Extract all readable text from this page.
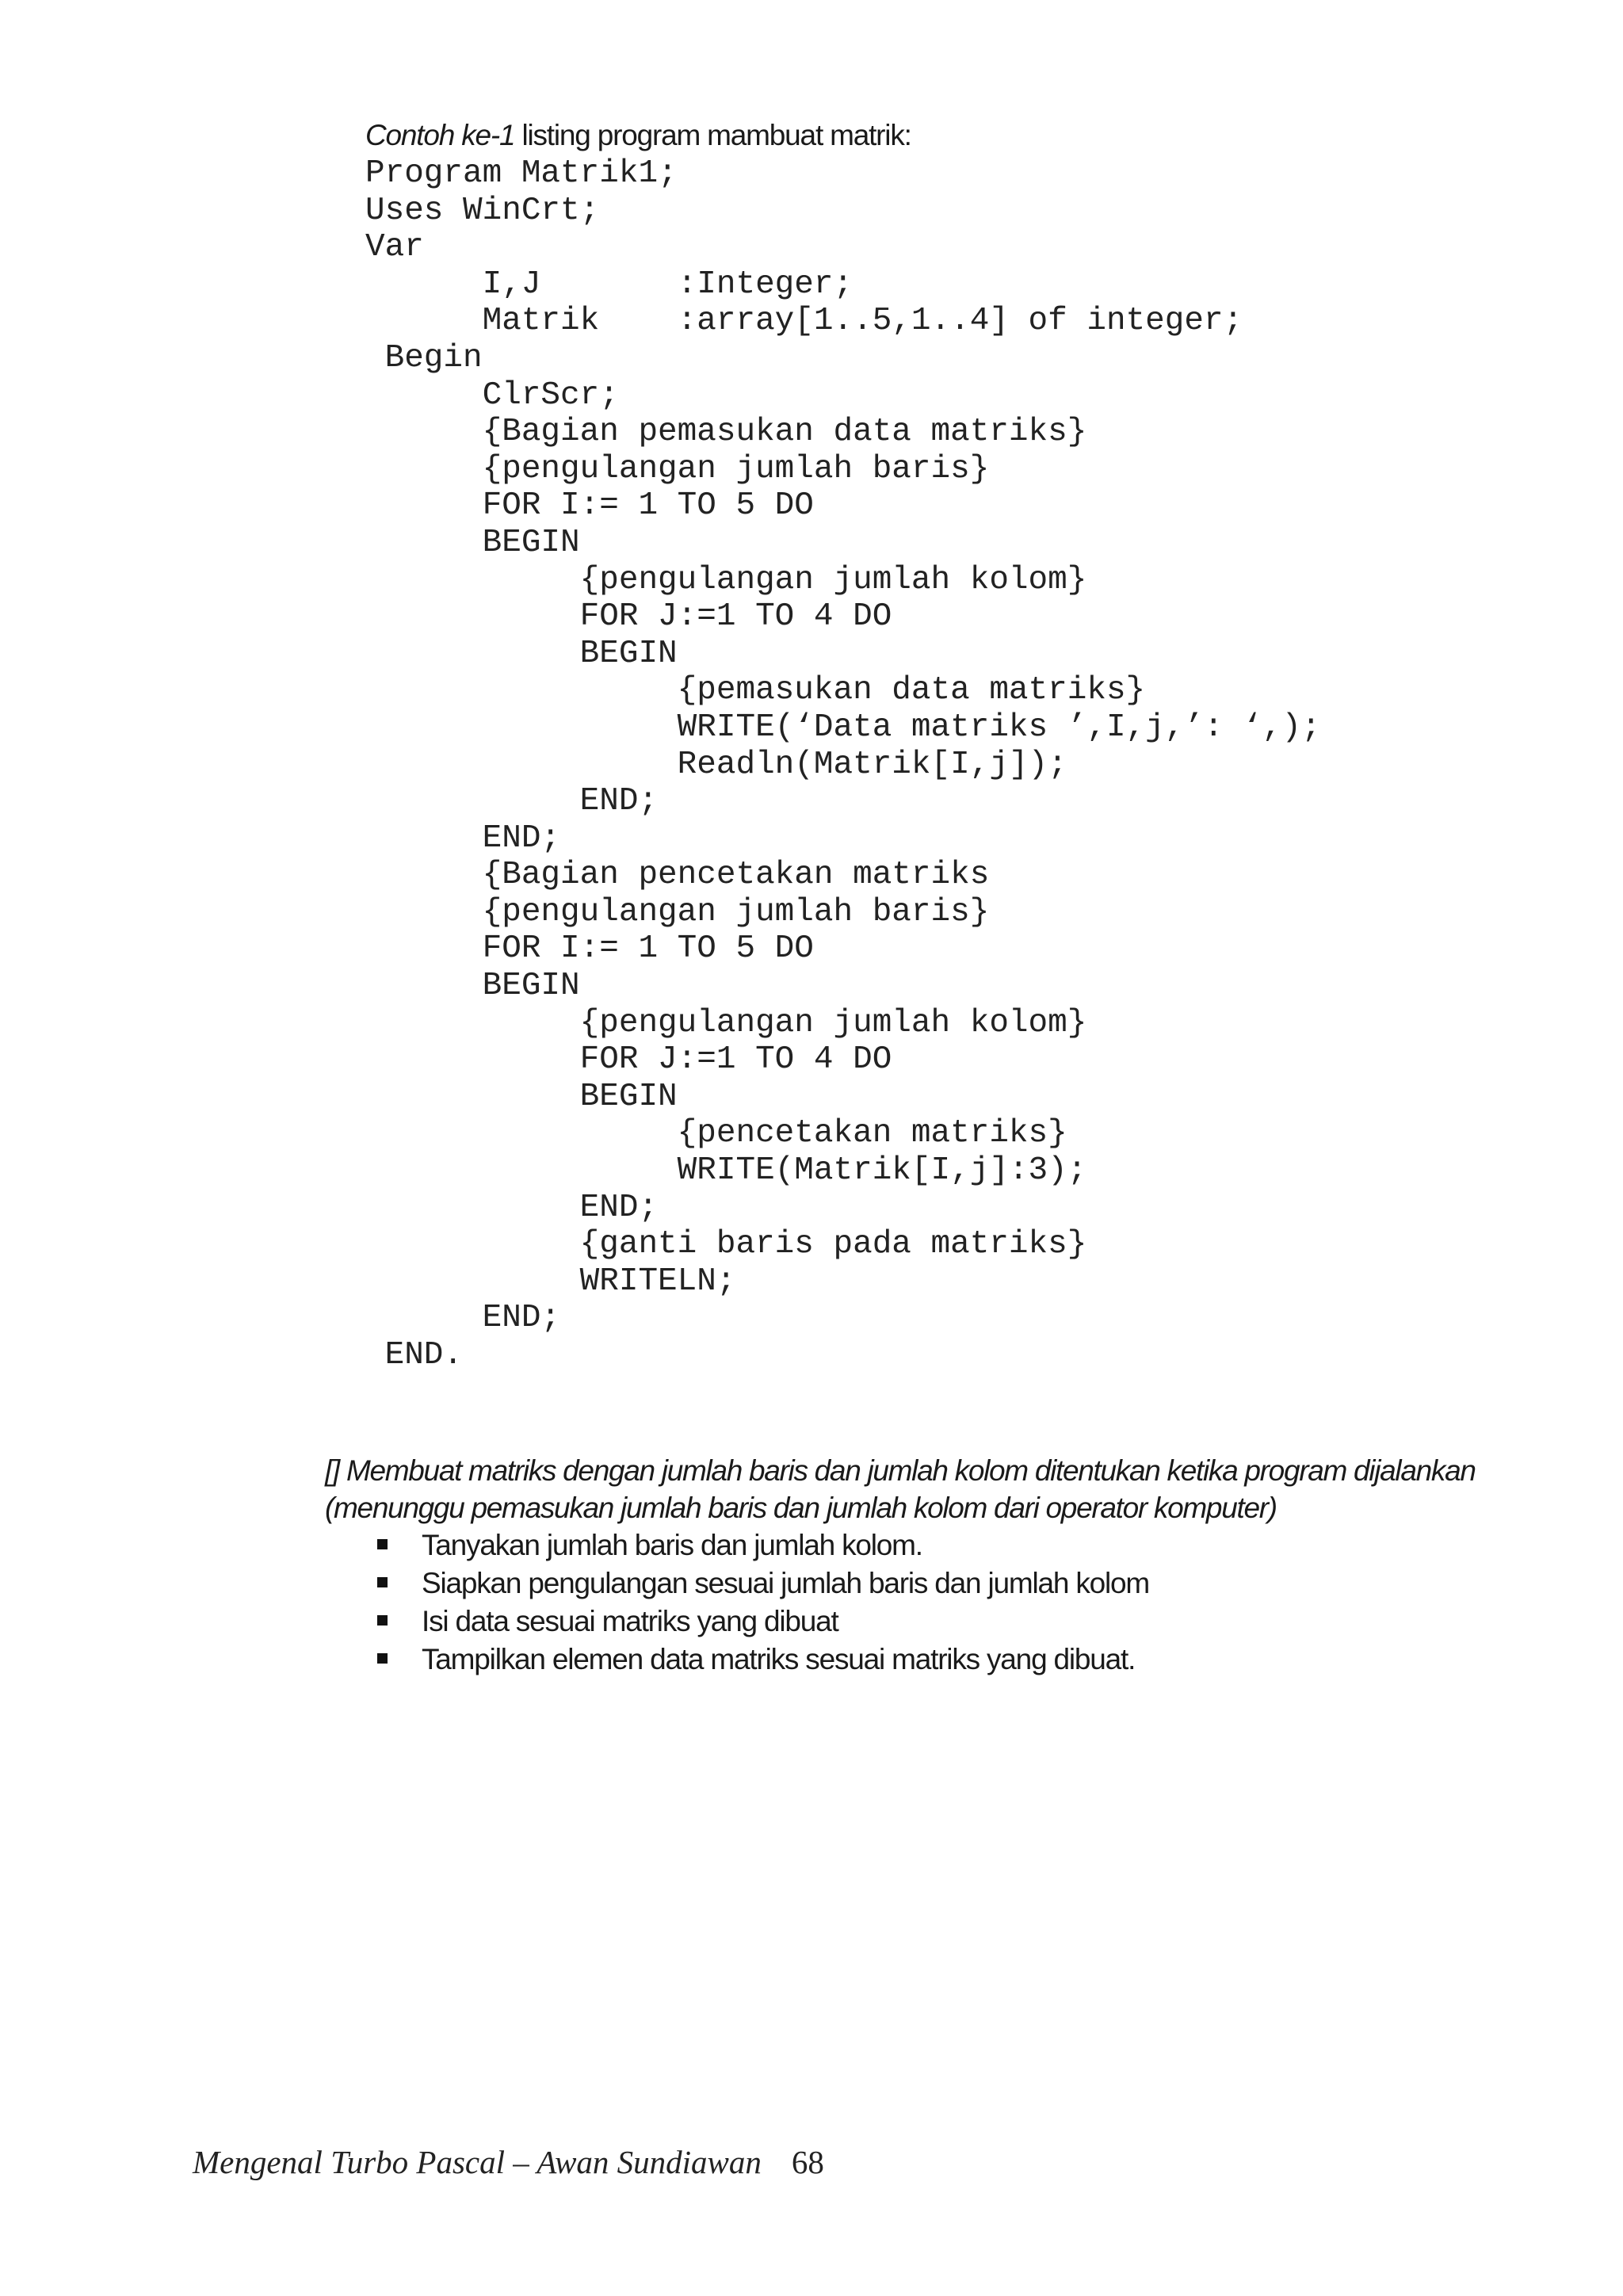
Contoh ke-1 listing program mambuat matrik:
Program Matrik1;
Uses WinCrt;
Var
I,J       :Integer;
Matrik    :array[1..5,1..4] of integer;
Begin
ClrScr;
{Bagian pemasukan data matriks}
{pengulangan jumlah baris}
FOR I:= 1 TO 5 DO
BEGIN
{pengulangan jumlah kolom}
FOR J:=1 TO 4 DO
BEGIN
{pemasukan data matriks}
WRITE(‘Data matriks ’,I,j,’: ‘,);
Readln(Matrik[I,j]);
END;
END;
{Bagian pencetakan matriks
{pengulangan jumlah baris}
FOR I:= 1 TO 5 DO
BEGIN
{pengulangan jumlah kolom}
FOR J:=1 TO 4 DO
BEGIN
{pencetakan matriks}
WRITE(Matrik[I,j]:3);
END;
{ganti baris pada matriks}
WRITELN;
END;
END.
[] Membuat matriks dengan jumlah baris dan jumlah kolom ditentukan ketika program dijalankan
(menunggu pemasukan jumlah baris dan jumlah kolom dari operator komputer)
Tanyakan jumlah baris dan jumlah kolom.
Siapkan pengulangan sesuai jumlah baris dan jumlah kolom
Isi data sesuai matriks yang dibuat
Tampilkan elemen data matriks sesuai matriks yang dibuat.
Mengenal Turbo Pascal – Awan Sundiawan 68
